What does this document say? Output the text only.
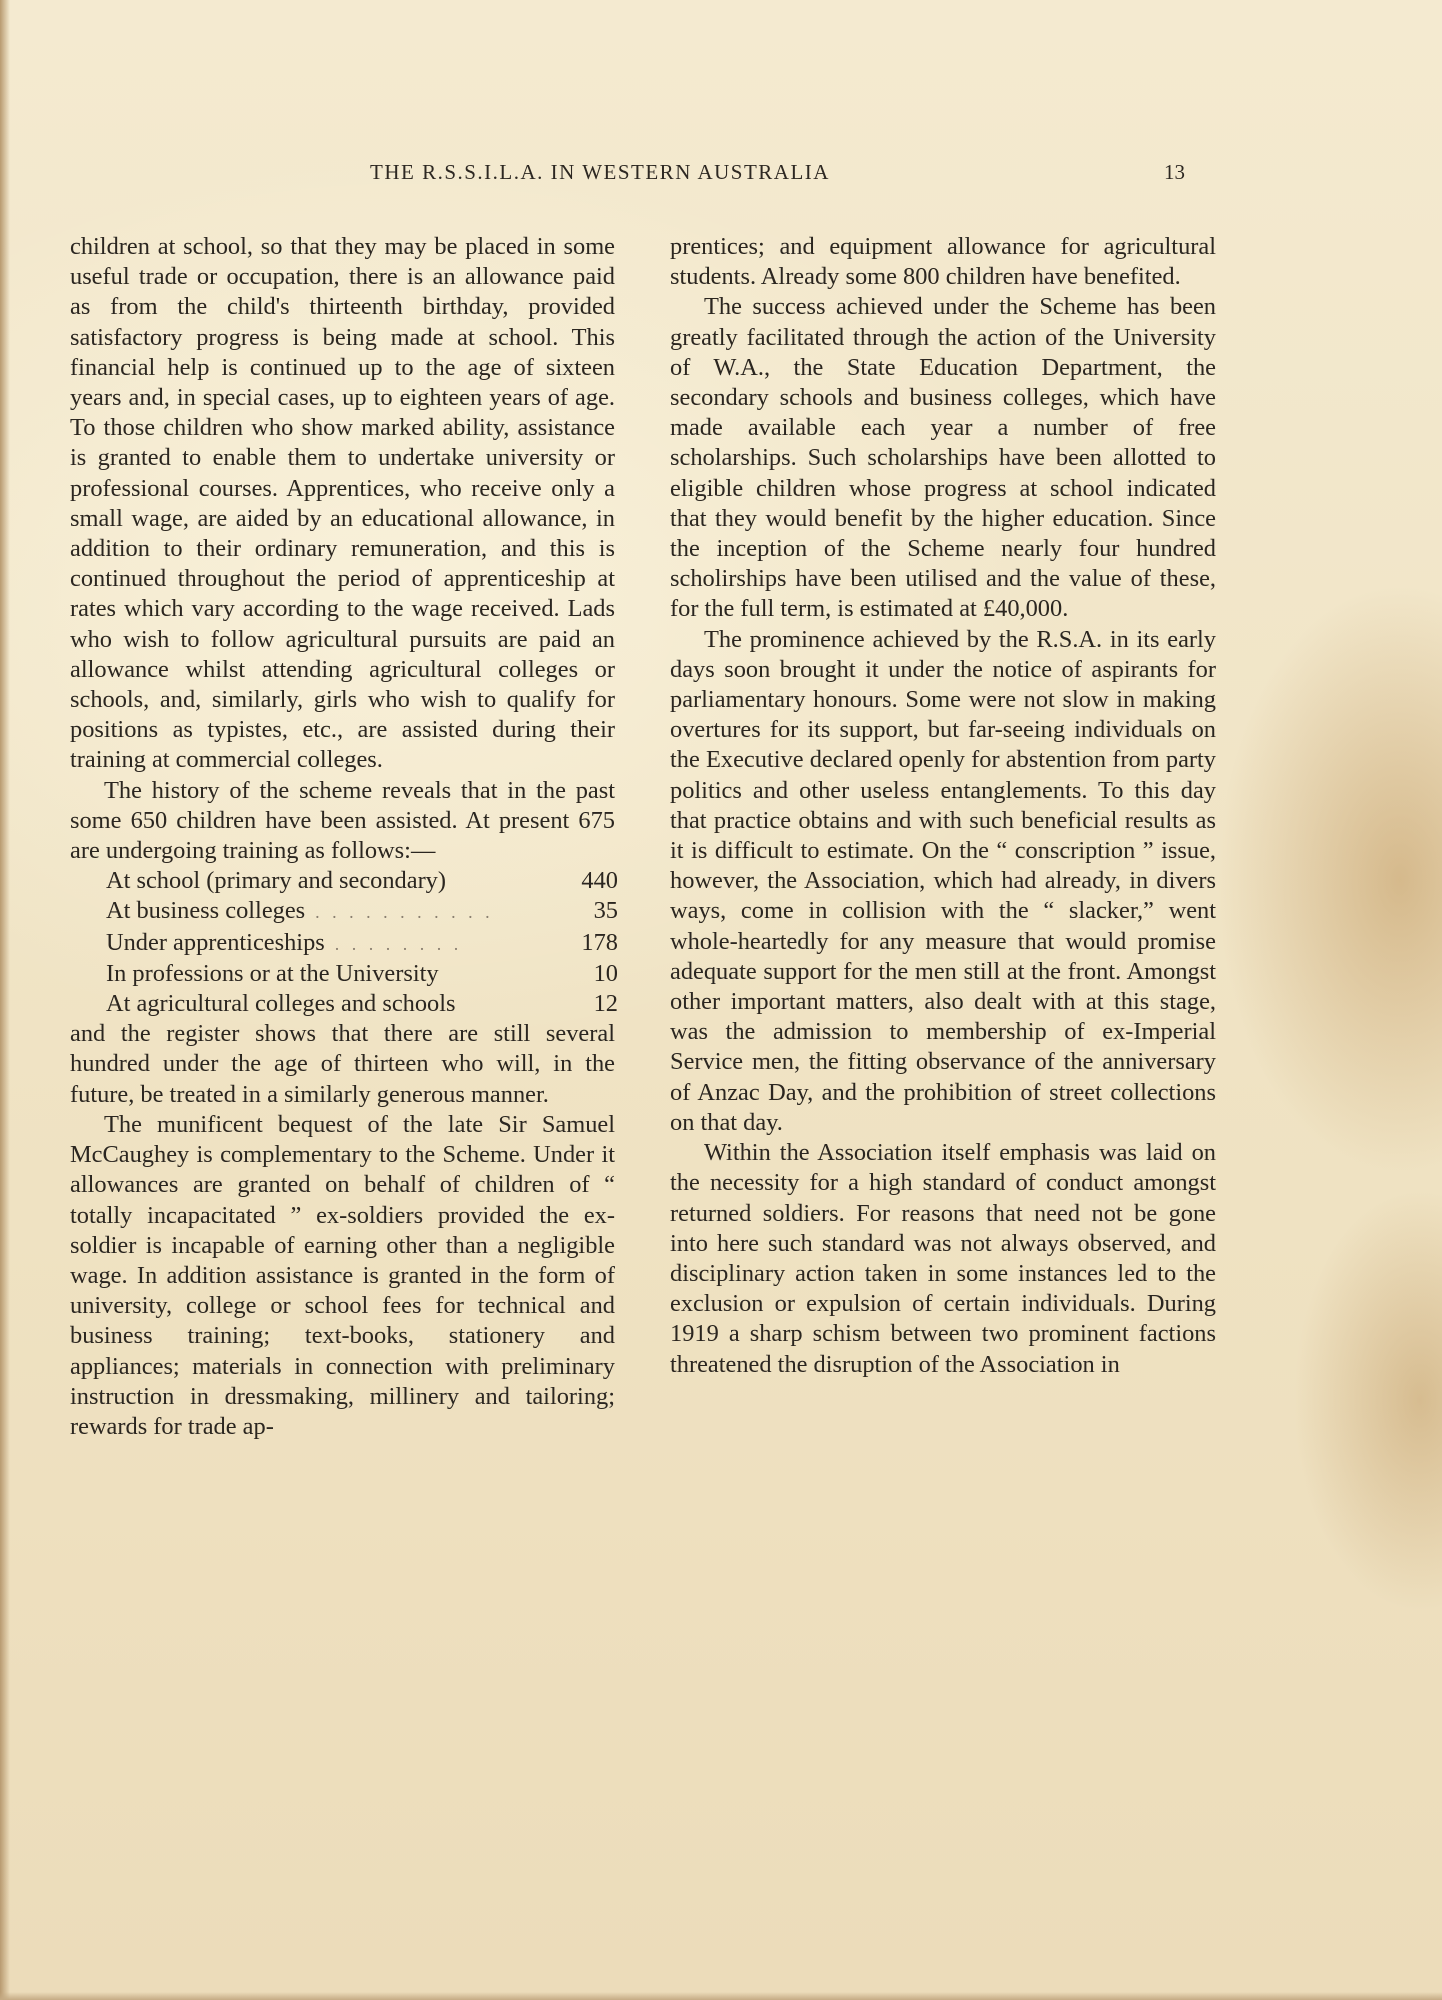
THE R.S.S.I.L.A. IN WESTERN AUSTRALIA	13

children at school, so that they may be placed in some useful trade or occupation, there is an allowance paid as from the child's thirteenth birthday, provided satisfactory progress is being made at school. This financial help is continued up to the age of sixteen years and, in special cases, up to eighteen years of age. To those children who show marked ability, assistance is granted to enable them to undertake university or professional courses. Apprentices, who receive only a small wage, are aided by an educational allowance, in addition to their ordinary remuneration, and this is continued throughout the period of apprenticeship at rates which vary according to the wage received. Lads who wish to follow agricultural pursuits are paid an allowance whilst attending agricultural colleges or schools, and, similarly, girls who wish to qualify for positions as typistes, etc., are assisted during their training at commercial colleges.

The history of the scheme reveals that in the past some 650 children have been assisted. At present 675 are undergoing training as follows:—

At school (primary and secondary)	440
At business colleges . . . . . . . . . . .	35
Under apprenticeships . . . . . . . .	178
In professions or at the University	10
At agricultural colleges and schools	12

and the register shows that there are still several hundred under the age of thirteen who will, in the future, be treated in a similarly generous manner.

The munificent bequest of the late Sir Samuel McCaughey is complementary to the Scheme. Under it allowances are granted on behalf of children of “ totally incapacitated ” ex-soldiers provided the ex-soldier is incapable of earning other than a negligible wage. In addition assistance is granted in the form of university, college or school fees for technical and business training; text-books, stationery and appliances; materials in connection with preliminary instruction in dressmaking, millinery and tailoring; rewards for trade ap-

prentices; and equipment allowance for agricultural students. Already some 800 children have benefited.

The success achieved under the Scheme has been greatly facilitated through the action of the University of W.A., the State Education Department, the secondary schools and business colleges, which have made available each year a number of free scholarships. Such scholarships have been allotted to eligible children whose progress at school indicated that they would benefit by the higher education. Since the inception of the Scheme nearly four hundred scholirships have been utilised and the value of these, for the full term, is estimated at £40,000.

The prominence achieved by the R.S.A. in its early days soon brought it under the notice of aspirants for parliamentary honours. Some were not slow in making overtures for its support, but far-seeing individuals on the Executive declared openly for abstention from party politics and other useless entanglements. To this day that practice obtains and with such beneficial results as it is difficult to estimate. On the “ conscription ” issue, however, the Association, which had already, in divers ways, come in collision with the “ slacker,” went whole-heartedly for any measure that would promise adequate support for the men still at the front. Amongst other important matters, also dealt with at this stage, was the admission to membership of ex-Imperial Service men, the fitting observance of the anniversary of Anzac Day, and the prohibition of street collections on that day.

Within the Association itself emphasis was laid on the necessity for a high standard of conduct amongst returned soldiers. For reasons that need not be gone into here such standard was not always observed, and disciplinary action taken in some instances led to the exclusion or expulsion of certain individuals. During 1919 a sharp schism between two prominent factions threatened the disruption of the Association in
